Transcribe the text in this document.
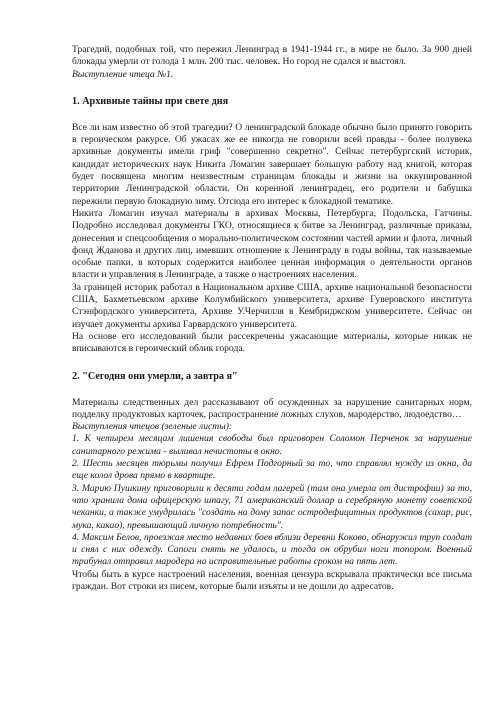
Трагедий, подобных той, что пережил Ленинград в 1941-1944 гг., в мире не было. За 900 дней блокады умерли от голода 1 млн. 200 тыс. человек. Но город не сдался и выстоял.

Выступление чтеца №1.

1. Архивные тайны при свете дня

Все ли нам известно об этой трагедии? О ленинградской блокаде обычно было принято говорить в героическом ракурсе. Об ужасах же ее никогда не говорили всей правды - более полувека архивные документы имели гриф "совершенно секретно". Сейчас петербургский историк, кандидат исторических наук Никита Ломагин завершает большую работу над книгой, которая будет посвящена многим неизвестным страницам блокады и жизни на оккупированной территории Ленинградской области. Он коренной ленинградец, его родители и бабушка пережили первую блокадную зиму. Отсюда его интерес к блокадной тематике.

Никита Ломагин изучал материалы в архивах Москвы, Петербурга, Подольска, Гатчины. Подробно исследовал документы ГКО, относящиеся к битве за Ленинград, различные приказы, донесения и спецсообщения о морально-политическом состоянии частей армии и флота, личный фонд Жданова и других лиц, имевших отношение к Ленинграду в годы войны, так называемые особые папки, в которых содержится наиболее ценная информация о деятельности органов власти и управления в Ленинграде, а также о настроениях населения.

За границей историк работал в Национальном архиве США, архиве национальной безопасности США, Бахметьевском архиве Колумбийского университета, архиве Гуверовского института Стэнфордского университета, Архиве У.Черчилля в Кембриджском университете. Сейчас он изучает документы архива Гарвардского университета.

На основе его исследований были рассекречены ужасающие материалы, которые никак не вписываются в героический облик города.

2. "Сегодня они умерли, а завтра я"

Материалы следственных дел рассказывают об осужденных за нарушение санитарных норм, подделку продуктовых карточек, распространение ложных слухов, мародерство, людоедство…

Выступления чтецов (зеленые листы):

1. К четырем месяцам лишения свободы был приговорен Соломон Перченок за нарушение санитарного режима - выливал нечистоты в окно.

2. Шесть месяцев тюрьмы получил Ефрем Подгорный за то, что справлял нужду из окна, да еще колол дрова прямо в квартире.

3. Марию Пушкину приговорили к десяти годам лагерей (там она умерла от дистрофии) за то, что хранила дома офицерскую шпагу, 71 американский доллар и серебряную монету советской чеканки, а также умудрилась "создать на дому запас остродефицитных продуктов (сахар, рис, мука, какао), превышающий личную потребность".

4. Максим Белов, проезжая место недавних боев вблизи деревни Коково, обнаружил труп солдат и снял с них одежду. Сапоги снять не удалось, и тогда он обрубил ноги топором. Военный трибунал отправил мародера на исправительные работы сроком на пять лет.

Чтобы быть в курсе настроений населения, военная цензура вскрывала практически все письма граждан. Вот строки из писем, которые были изъяты и не дошли до адресатов.
